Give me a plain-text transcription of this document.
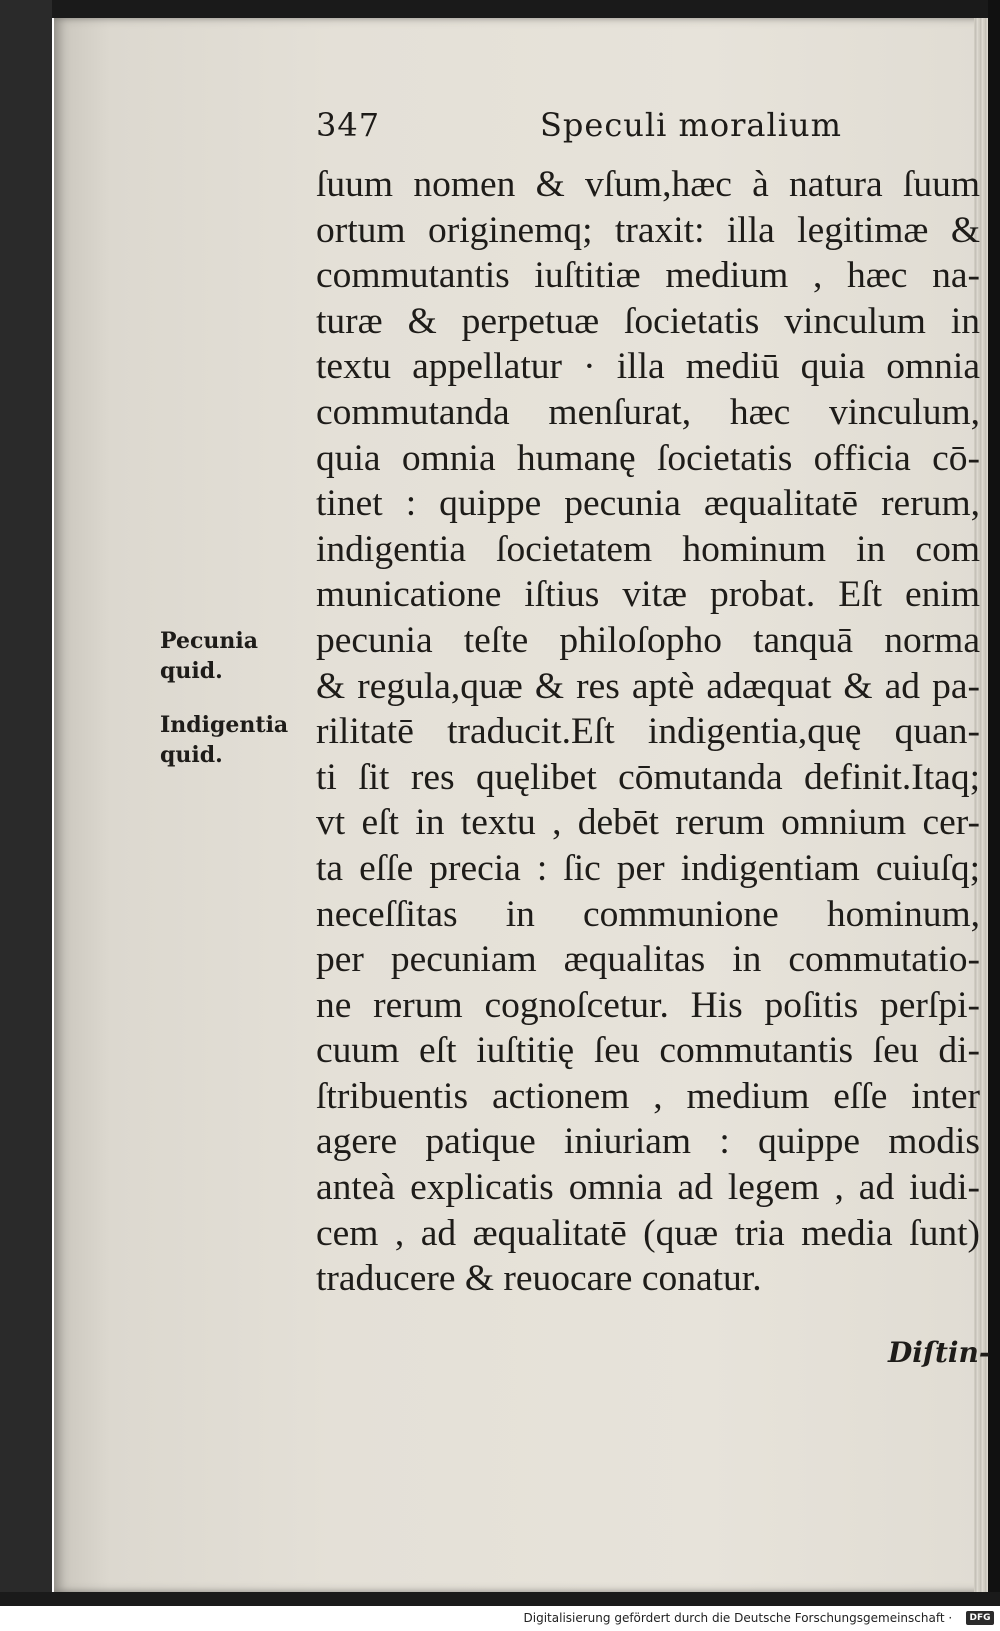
347	Speculi moralium
ſuum nomen & vſum,hæc à natura ſuum
ortum originemq; traxit: illa legitimæ &
commutantis iuſtitiæ medium , hæc na-
turæ & perpetuæ ſocietatis vinculum in
textu appellatur · illa mediū quia omnia
commutanda menſurat, hæc vinculum,
quia omnia humanę ſocietatis officia cō-
tinet : quippe pecunia æqualitatē rerum,
indigentia ſocietatem hominum in com
municatione iſtius vitæ probat. Eſt enim
pecunia teſte philoſopho tanquā norma
& regula,quæ & res aptè adæquat & ad pa-
rilitatē traducit.Eſt indigentia,quę quan-
ti ſit res quęlibet cōmutanda definit.Itaq;
vt eſt in textu , debēt rerum omnium cer-
ta eſſe precia : ſic per indigentiam cuiuſq;
neceſſitas in communione hominum,
per pecuniam æqualitas in commutatio-
ne rerum cognoſcetur. His poſitis perſpi-
cuum eſt iuſtitię ſeu commutantis ſeu di-
ſtribuentis actionem , medium eſſe inter
agere patique iniuriam : quippe modis
anteà explicatis omnia ad legem , ad iudi-
cem , ad æqualitatē (quæ tria media ſunt)
traducere & reuocare conatur.
Pecunia
quid.
Indigentia
quid.
Diſtin-
Digitalisierung gefördert durch die Deutsche Forschungsgemeinschaft ·	DFG
